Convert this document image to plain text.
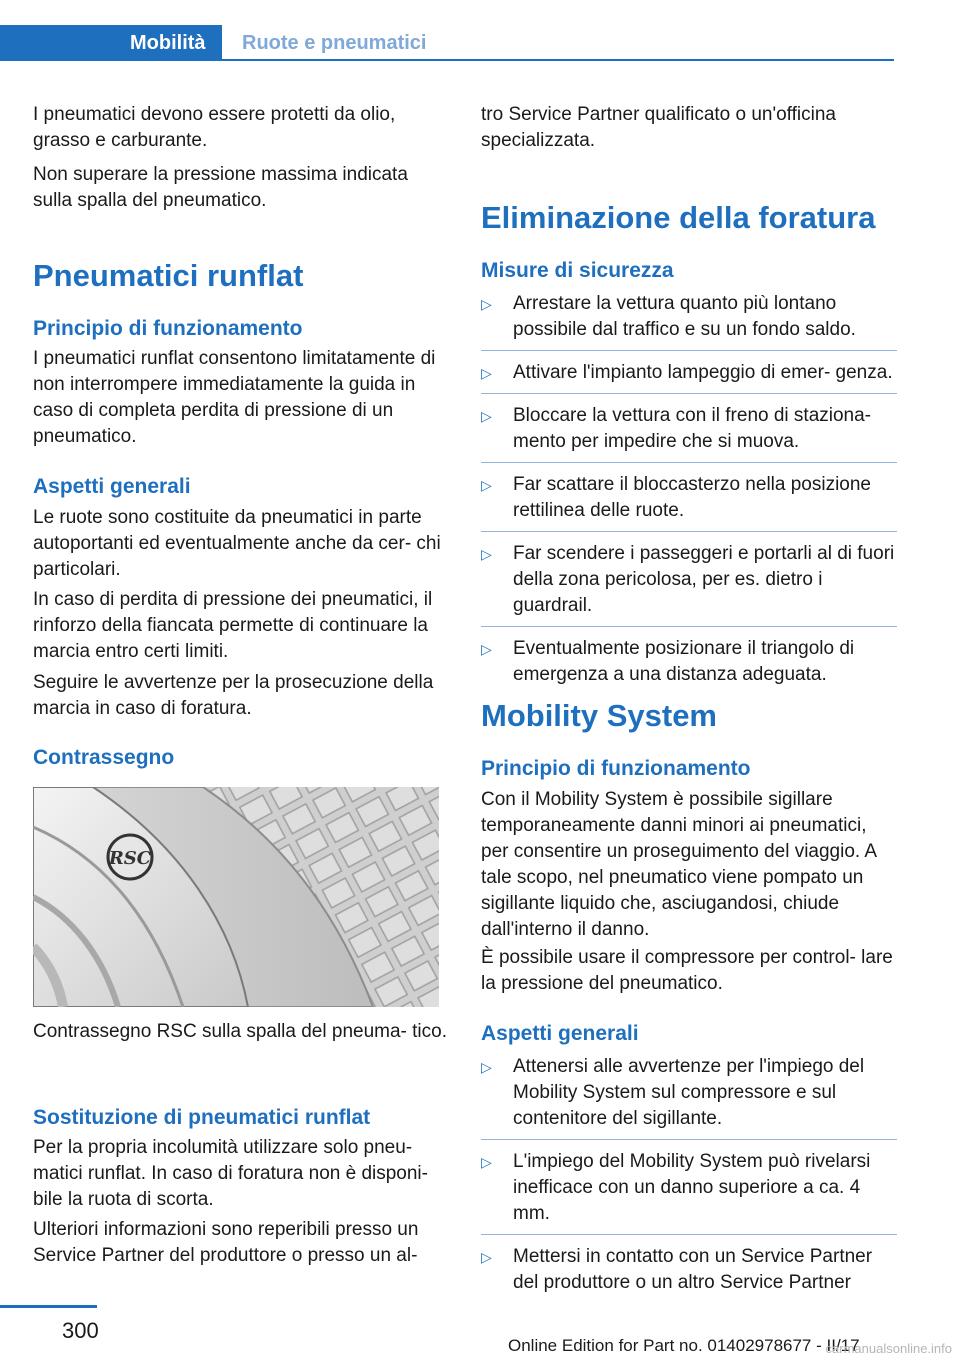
Mobilità	Ruote e pneumatici

I pneumatici devono essere protetti da olio, grasso e carburante.

Non superare la pressione massima indicata sulla spalla del pneumatico.

Pneumatici runflat
Principio di funzionamento

I pneumatici runflat consentono limitatamente di non interrompere immediatamente la guida in caso di completa perdita di pressione di un pneumatico.

Aspetti generali

Le ruote sono costituite da pneumatici in parte autoportanti ed eventualmente anche da cer- chi particolari.

In caso di perdita di pressione dei pneumatici, il rinforzo della fiancata permette di continuare la marcia entro certi limiti.

Seguire le avvertenze per la prosecuzione della marcia in caso di foratura.

Contrassegno
RSC

Contrassegno RSC sulla spalla del pneuma- tico.

Sostituzione di pneumatici runflat

Per la propria incolumità utilizzare solo pneu- matici runflat. In caso di foratura non è disponi- bile la ruota di scorta.

Ulteriori informazioni sono reperibili presso un Service Partner del produttore o presso un al-

tro Service Partner qualificato o un'officina specializzata.

Eliminazione della foratura
Misure di sicurezza
▷ Arrestare la vettura quanto più lontano possibile dal traffico e su un fondo saldo.
▷ Attivare l'impianto lampeggio di emer- genza.
▷ Bloccare la vettura con il freno di staziona- mento per impedire che si muova.
▷ Far scattare il bloccasterzo nella posizione rettilinea delle ruote.
▷ Far scendere i passeggeri e portarli al di fuori della zona pericolosa, per es. dietro i guardrail.
▷ Eventualmente posizionare il triangolo di emergenza a una distanza adeguata.
Mobility System
Principio di funzionamento

Con il Mobility System è possibile sigillare temporaneamente danni minori ai pneumatici, per consentire un proseguimento del viaggio. A tale scopo, nel pneumatico viene pompato un sigillante liquido che, asciugandosi, chiude dall'interno il danno.

È possibile usare il compressore per control- lare la pressione del pneumatico.

Aspetti generali
▷ Attenersi alle avvertenze per l'impiego del Mobility System sul compressore e sul contenitore del sigillante.
▷ L'impiego del Mobility System può rivelarsi inefficace con un danno superiore a ca. 4 mm.
▷ Mettersi in contatto con un Service Partner del produttore o un altro Service Partner
300
Online Edition for Part no. 01402978677 - II/17
carmanualsonline.info
